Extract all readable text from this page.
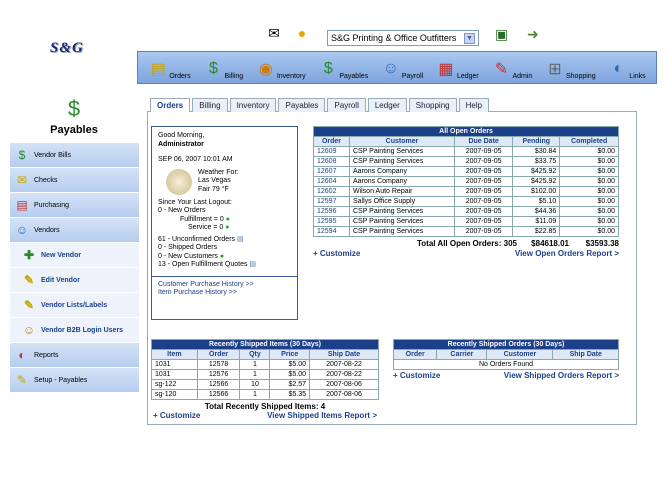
S&G
✉	●	S&G Printing & Office Outfitters ▼ ▣ ➜
▤ Orders	$ Billing ◉ Inventory	$ Payables ☺ Payroll ▦ Ledger ✎ Admin ⊞ Shopping	◐ Links
$
Payables
$	Vendor Bills
✉ Checks
▤ Purchasing
☺ Vendors
✚ New Vendor
✎ Edit Vendor
✎ Vendor Lists/Labels
☺ Vendor B2B Login Users
◐	Reports
✎ Setup - Payables
Orders	Billing	Inventory	Payables	Payroll	Ledger	Shopping	Help
Good Morning,
Administrator
SEP 06, 2007 10:01 AM
Weather For:
Las Vegas
Fair 79 °F
Since Your Last Logout:
0 - New Orders
Fulfillment = 0 ●
Service = 0 ●
61 - Unconfirmed Orders ▤
0 - Shipped Orders
0 - New Customers ●
13 - Open Fulfillment Quotes ▤
Customer Purchase History >>
Item Purchase History >>
All Open Orders				
Order	Customer	Due Date	Pending	Completed
12609	CSP Painting Services	2007-09-05	$30.84	$0.00
12608	CSP Painting Services	2007-09-05	$33.75	$0.00
12607	Aarons Company	2007-09-05	$425.92	$0.00
12604	Aarons Company	2007-09-05	$425.92	$0.00
12602	Wilson Auto Repair	2007-09-05	$102.00	$0.00
12597	Sallys Office Supply	2007-09-05	$5.10	$0.00
12596	CSP Painting Services	2007-09-05	$44.36	$0.00
12595	CSP Painting Services	2007-09-05	$11.09	$0.00
12594	CSP Painting Services	2007-09-05	$22.85	$0.00
Total All Open Orders: 305	$84618.01	$3593.38
+ Customize	View Open Orders Report >
Recently Shipped Items (30 Days)				
Item	Order	Qty	Price	Ship Date
1031	12578	1	$5.00	2007-08-22
1031	12576	1	$5.00	2007-08-22
sg-122	12566	10	$2.57	2007-08-06
sg-120	12566	1	$5.35	2007-08-06
Total Recently Shipped Items: 4
+ Customize	View Shipped Items Report >
Recently Shipped Orders (30 Days)
Order	Carrier	Customer	Ship Date
No Orders Found
+ Customize	View Shipped Orders Report >
